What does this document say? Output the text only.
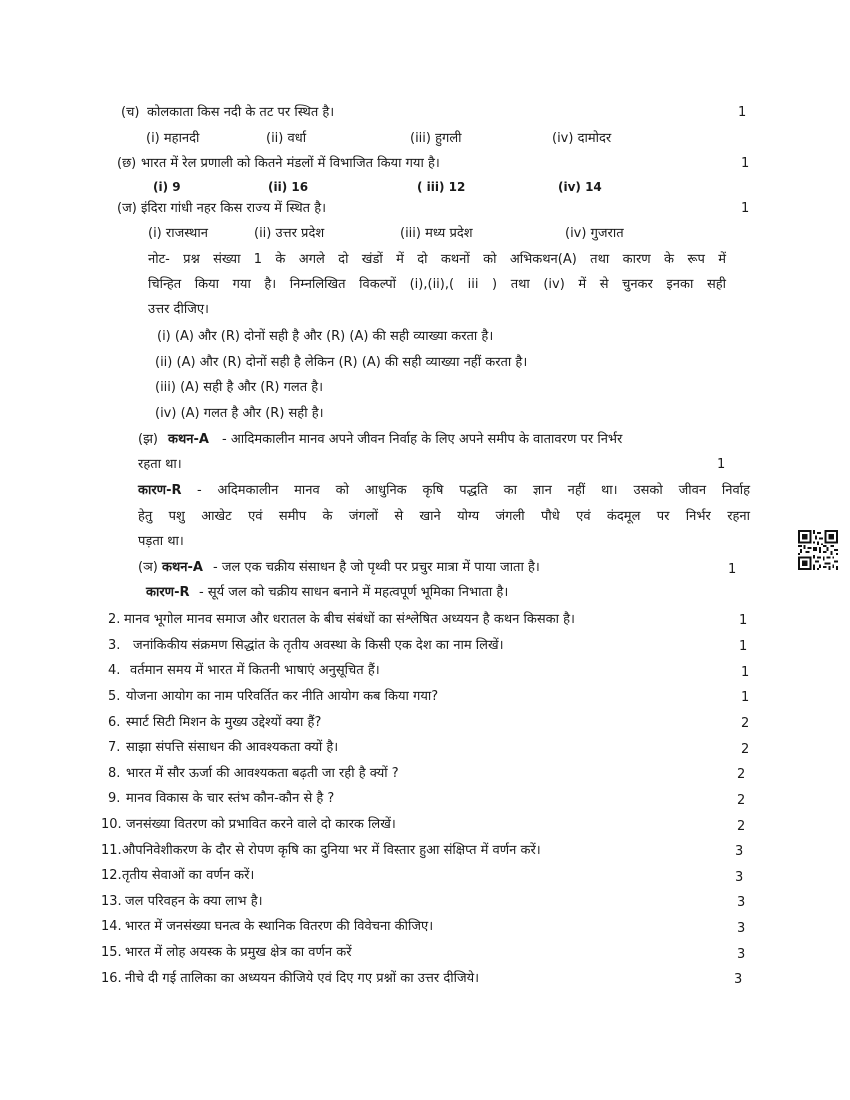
(च) कोलकाता किस नदी के तट पर स्थित है।	1
(i) महानदी	(ii) वर्धा	(iii) हुगली	(iv) दामोदर
(छ) भारत में रेल प्रणाली को कितने मंडलों में विभाजित किया गया है।	1
(i) 9	(ii) 16	( iii) 12	(iv) 14
(ज) इंदिरा गांधी नहर किस राज्य में स्थित है।	1
(i) राजस्थान	(ii) उत्तर प्रदेश	(iii) मध्य प्रदेश	(iv) गुजरात
नोट- प्रश्न संख्या 1 के अगले दो खंडों में दो कथनों को अभिकथन(A) तथा कारण के रूप में
चिन्हित किया गया है। निम्नलिखित विकल्पों (i),(ii),( iii ) तथा (iv) में से चुनकर इनका सही
उत्तर दीजिए।
(i) (A) और (R) दोनों सही है और (R) (A) की सही व्याख्या करता है।
(ii) (A) और (R) दोनों सही है लेकिन (R) (A) की सही व्याख्या नहीं करता है।
(iii) (A) सही है और (R) गलत है।
(iv) (A) गलत है और (R) सही है।
(झ) कथन-A - आदिमकालीन मानव अपने जीवन निर्वाह के लिए अपने समीप के वातावरण पर निर्भर
रहता था।	1
कारण-R - अदिमकालीन मानव को आधुनिक कृषि पद्धति का ज्ञान नहीं था। उसको जीवन निर्वाह
हेतु पशु आखेट एवं समीप के जंगलों से खाने योग्य जंगली पौधे एवं कंदमूल पर निर्भर रहना
पड़ता था।
(ञ) कथन-A - जल एक चक्रीय संसाधन है जो पृथ्वी पर प्रचुर मात्रा में पाया जाता है।	1
कारण-R - सूर्य जल को चक्रीय साधन बनाने में महत्वपूर्ण भूमिका निभाता है।
2. मानव भूगोल मानव समाज और धरातल के बीच संबंधों का संश्लेषित अध्ययन है कथन किसका है।	1
3. जनांकिकीय संक्रमण सिद्धांत के तृतीय अवस्था के किसी एक देश का नाम लिखें।	1
4. वर्तमान समय में भारत में कितनी भाषाएं अनुसूचित हैं।	1
5. योजना आयोग का नाम परिवर्तित कर नीति आयोग कब किया गया?	1
6. स्मार्ट सिटी मिशन के मुख्य उद्देश्यों क्या हैं?	2
7. साझा संपत्ति संसाधन की आवश्यकता क्यों है।	2
8. भारत में सौर ऊर्जा की आवश्यकता बढ़ती जा रही है क्यों ?	2
9. मानव विकास के चार स्तंभ कौन-कौन से है ?	2
10. जनसंख्या वितरण को प्रभावित करने वाले दो कारक लिखें।	2
11. औपनिवेशीकरण के दौर से रोपण कृषि का दुनिया भर में विस्तार हुआ संक्षिप्त में वर्णन करें।	3
12. तृतीय सेवाओं का वर्णन करें।	3
13. जल परिवहन के क्या लाभ है।	3
14. भारत में जनसंख्या घनत्व के स्थानिक वितरण की विवेचना कीजिए।	3
15. भारत में लोह अयस्क के प्रमुख क्षेत्र का वर्णन करें	3
16. नीचे दी गई तालिका का अध्ययन कीजिये एवं दिए गए प्रश्नों का उत्तर दीजिये।	3
